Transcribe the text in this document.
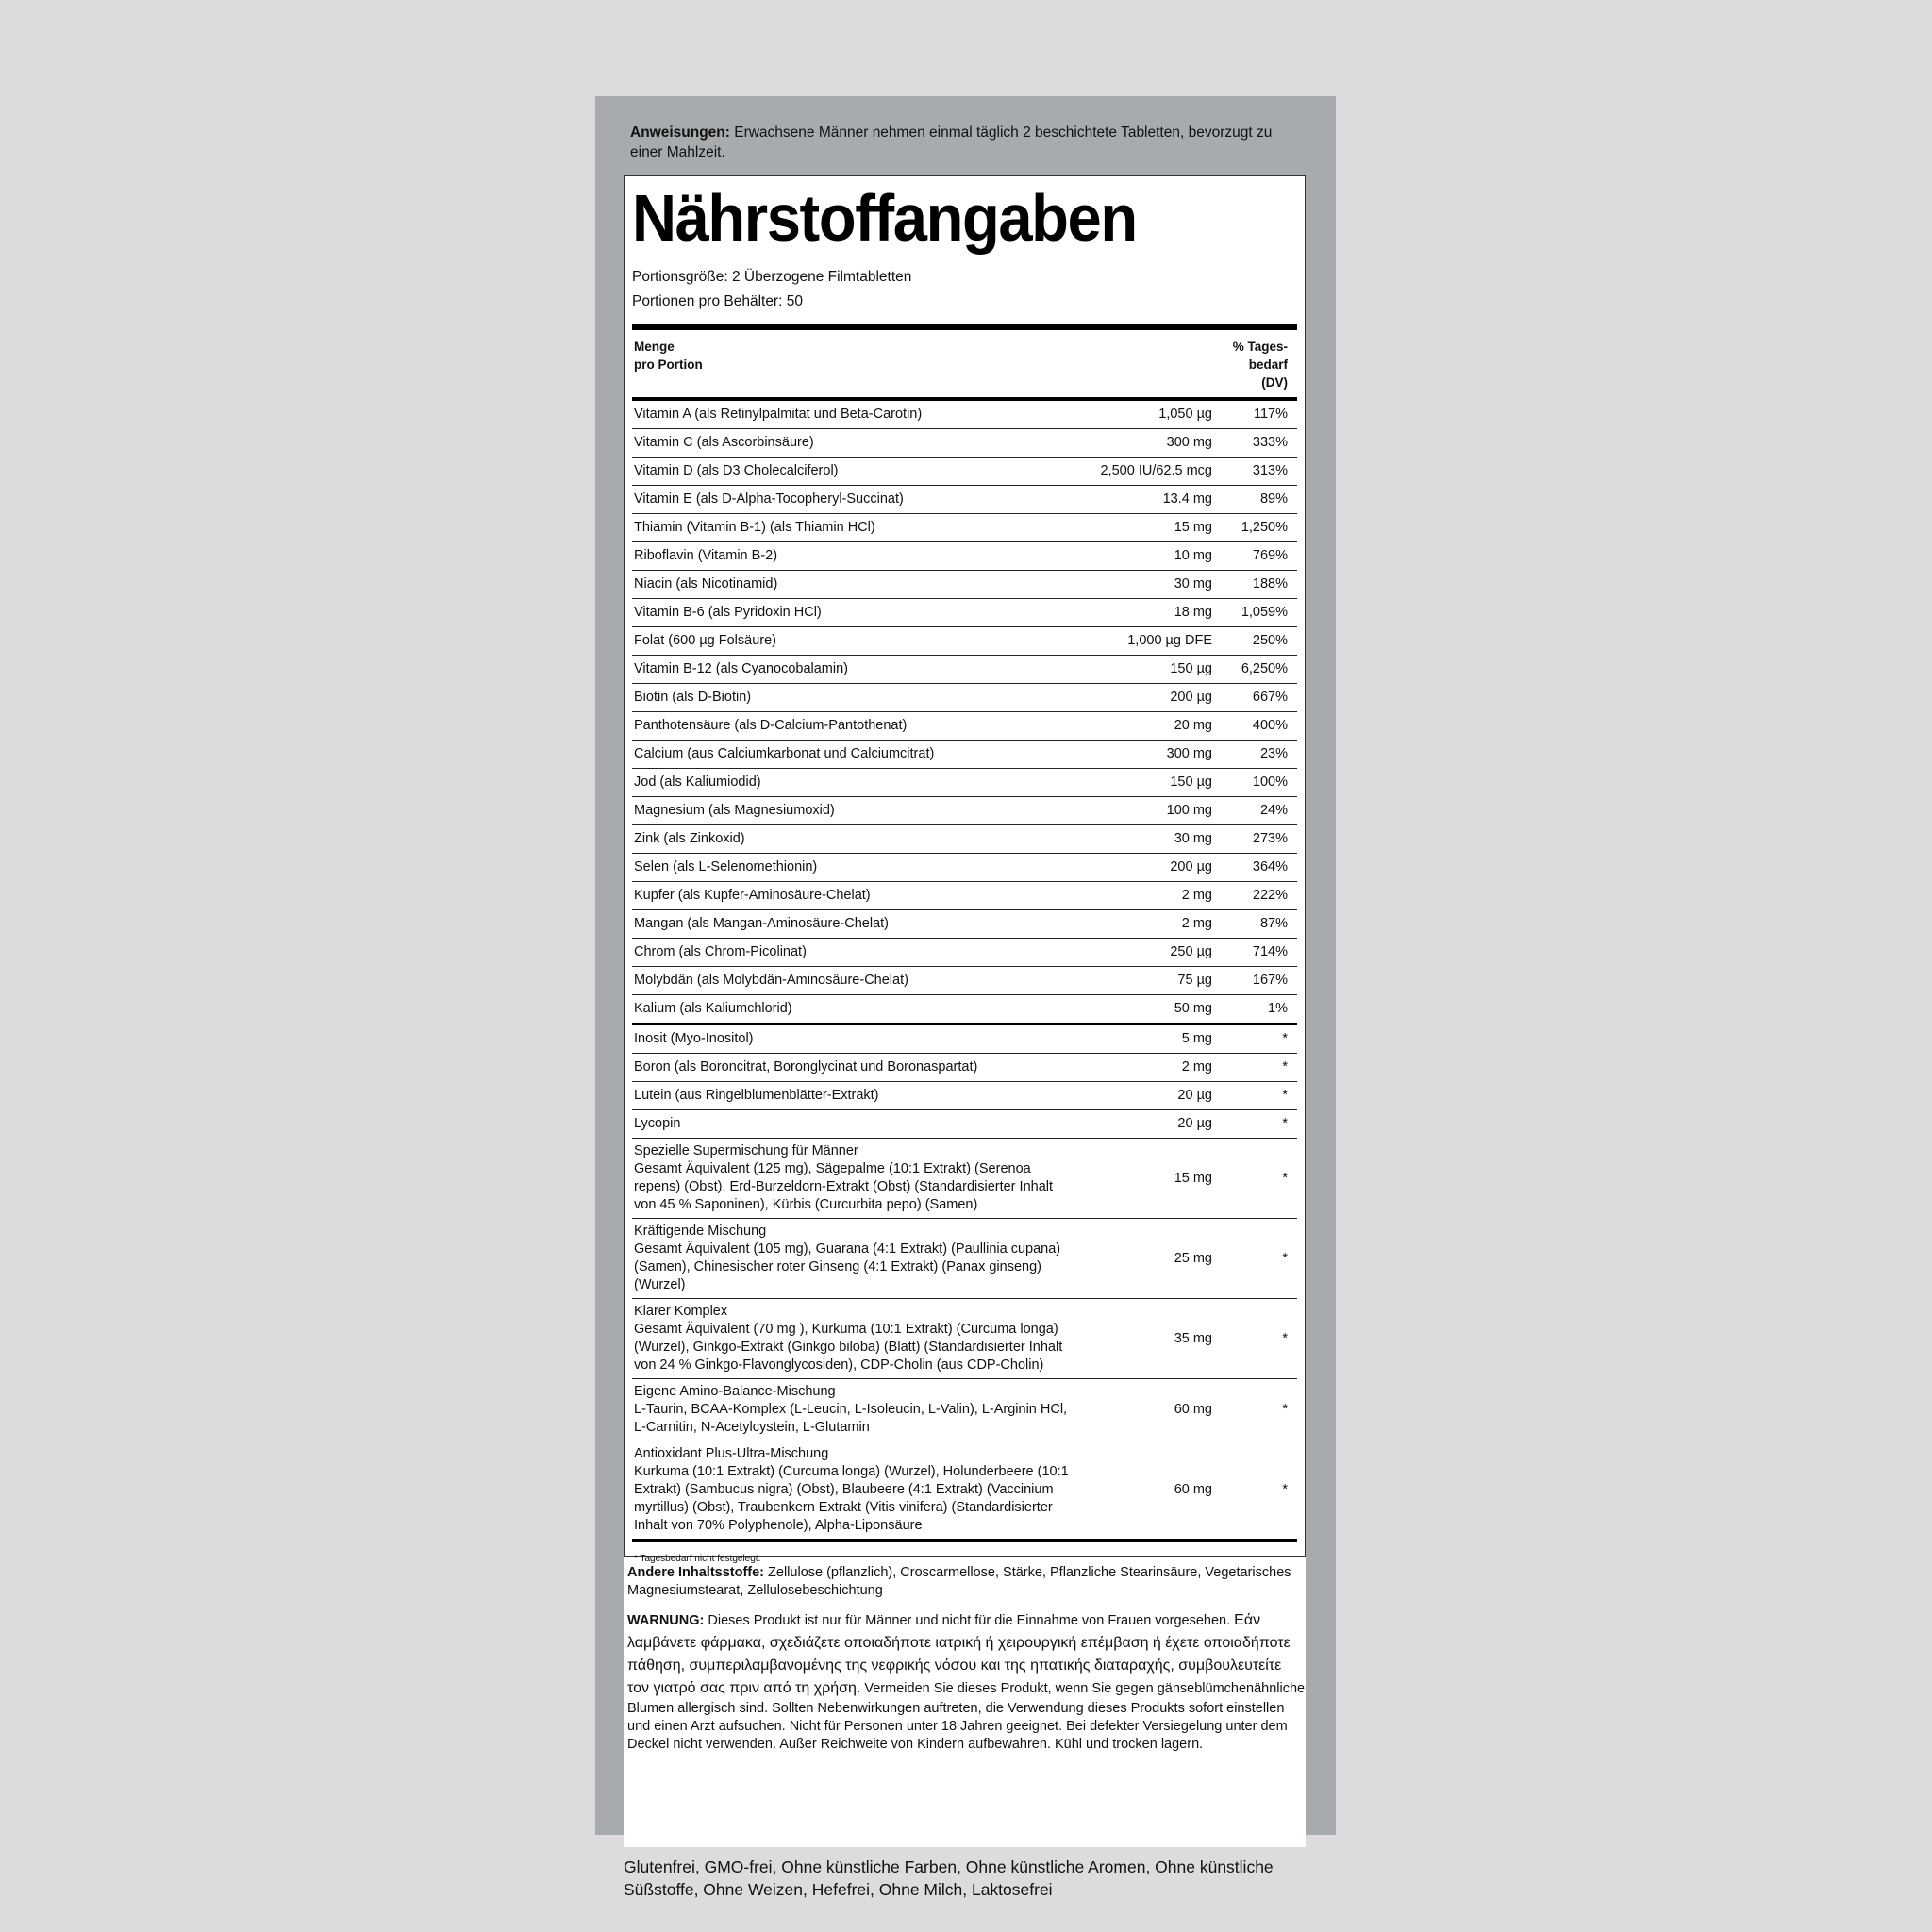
Anweisungen: Erwachsene Männer nehmen einmal täglich 2 beschichtete Tabletten, bevorzugt zu einer Mahlzeit.
Nährstoffangaben
Portionsgröße: 2 Überzogene Filmtabletten
Portionen pro Behälter: 50
Menge
pro Portion
% Tages-
bedarf
(DV)
Vitamin A (als Retinylpalmitat und Beta-Carotin)	1,050 µg	117%
Vitamin C (als Ascorbinsäure)	300 mg	333%
Vitamin D (als D3 Cholecalciferol)	2,500 IU/62.5 mcg	313%
Vitamin E (als D-Alpha-Tocopheryl-Succinat)	13.4 mg	89%
Thiamin (Vitamin B-1) (als Thiamin HCl)	15 mg	1,250%
Riboflavin (Vitamin B-2)	10 mg	769%
Niacin (als Nicotinamid)	30 mg	188%
Vitamin B-6 (als Pyridoxin HCl)	18 mg	1,059%
Folat (600 µg Folsäure)	1,000 µg DFE	250%
Vitamin B-12 (als Cyanocobalamin)	150 µg	6,250%
Biotin (als D-Biotin)	200 µg	667%
Panthotensäure (als D-Calcium-Pantothenat)	20 mg	400%
Calcium (aus Calciumkarbonat und Calciumcitrat)	300 mg	23%
Jod (als Kaliumiodid)	150 µg	100%
Magnesium (als Magnesiumoxid)	100 mg	24%
Zink (als Zinkoxid)	30 mg	273%
Selen (als L-Selenomethionin)	200 µg	364%
Kupfer (als Kupfer-Aminosäure-Chelat)	2 mg	222%
Mangan (als Mangan-Aminosäure-Chelat)	2 mg	87%
Chrom (als Chrom-Picolinat)	250 µg	714%
Molybdän (als Molybdän-Aminosäure-Chelat)	75 µg	167%
Kalium (als Kaliumchlorid)	50 mg	1%
Inosit (Myo-Inositol)	5 mg	*
Boron (als Boroncitrat, Boronglycinat und Boronaspartat)	2 mg	*
Lutein (aus Ringelblumenblätter-Extrakt)	20 µg	*
Lycopin	20 µg	*

Spezielle Supermischung für Männer
Gesamt Äquivalent (125 mg), Sägepalme (10:1 Extrakt) (Serenoa repens) (Obst), Erd-Burzeldorn-Extrakt (Obst) (Standardisierter Inhalt von 45 % Saponinen), Kürbis (Curcurbita pepo) (Samen)	15 mg	*

Kräftigende Mischung
Gesamt Äquivalent (105 mg), Guarana (4:1 Extrakt) (Paullinia cupana) (Samen), Chinesischer roter Ginseng (4:1 Extrakt) (Panax ginseng) (Wurzel)	25 mg	*

Klarer Komplex
Gesamt Äquivalent (70 mg ), Kurkuma (10:1 Extrakt) (Curcuma longa) (Wurzel), Ginkgo-Extrakt (Ginkgo biloba) (Blatt) (Standardisierter Inhalt von 24 % Ginkgo-Flavonglycosiden), CDP-Cholin (aus CDP-Cholin)	35 mg	*

Eigene Amino-Balance-Mischung
L-Taurin, BCAA-Komplex (L-Leucin, L-Isoleucin, L-Valin), L-Arginin HCl, L-Carnitin, N-Acetylcystein, L-Glutamin	60 mg	*

Antioxidant Plus-Ultra-Mischung
Kurkuma (10:1 Extrakt) (Curcuma longa) (Wurzel), Holunderbeere (10:1 Extrakt) (Sambucus nigra) (Obst), Blaubeere (4:1 Extrakt) (Vaccinium myrtillus) (Obst), Traubenkern Extrakt (Vitis vinifera) (Standardisierter Inhalt von 70% Polyphenole), Alpha-Liponsäure	60 mg	*
* Tagesbedarf nicht festgelegt.
Andere Inhaltsstoffe: Zellulose (pflanzlich), Croscarmellose, Stärke, Pflanzliche Stearinsäure, Vegetarisches Magnesiumstearat, Zellulosebeschichtung
WARNUNG: Dieses Produkt ist nur für Männer und nicht für die Einnahme von Frauen vorgesehen. Εάν λαμβάνετε φάρμακα, σχεδιάζετε οποιαδήποτε ιατρική ή χειρουργική επέμβαση ή έχετε οποιαδήποτε πάθηση, συμπεριλαμβανομένης της νεφρικής νόσου και της ηπατικής διαταραχής, συμβουλευτείτε τον γιατρό σας πριν από τη χρήση. Vermeiden Sie dieses Produkt, wenn Sie gegen gänseblümchenähnliche Blumen allergisch sind. Sollten Nebenwirkungen auftreten, die Verwendung dieses Produkts sofort einstellen und einen Arzt aufsuchen. Nicht für Personen unter 18 Jahren geeignet. Bei defekter Versiegelung unter dem Deckel nicht verwenden. Außer Reichweite von Kindern aufbewahren. Kühl und trocken lagern.
Glutenfrei, GMO-frei, Ohne künstliche Farben, Ohne künstliche Aromen, Ohne künstliche Süßstoffe, Ohne Weizen, Hefefrei, Ohne Milch, Laktosefrei
